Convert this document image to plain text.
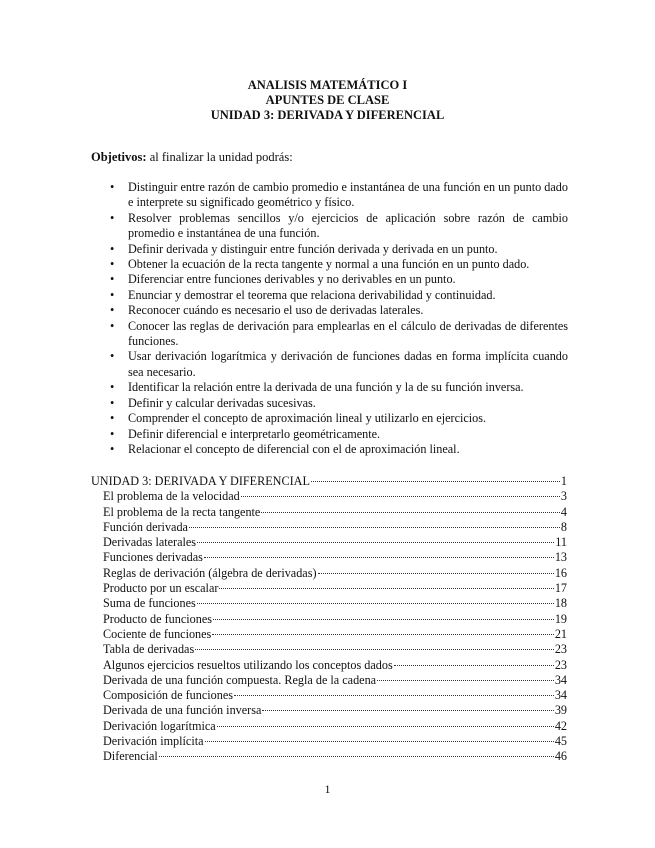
ANALISIS MATEMÁTICO I
APUNTES DE CLASE
UNIDAD 3: DERIVADA Y DIFERENCIAL
Objetivos: al finalizar la unidad podrás:
• Distinguir entre razón de cambio promedio e instantánea de una función en un punto dado e interprete su significado geométrico y físico.
• Resolver problemas sencillos y/o ejercicios de aplicación sobre razón de cambio promedio e instantánea de una función.
• Definir derivada y distinguir entre función derivada y derivada en un punto.
• Obtener la ecuación de la recta tangente y normal a una función en un punto dado.
• Diferenciar entre funciones derivables y no derivables en un punto.
• Enunciar y demostrar el teorema que relaciona derivabilidad y continuidad.
• Reconocer cuándo es necesario el uso de derivadas laterales.
• Conocer las reglas de derivación para emplearlas en el cálculo de derivadas de diferentes funciones.
• Usar derivación logarítmica y derivación de funciones dadas en forma implícita cuando sea necesario.
• Identificar la relación entre la derivada de una función y la de su función inversa.
• Definir y calcular derivadas sucesivas.
• Comprender el concepto de aproximación lineal y utilizarlo en ejercicios.
• Definir diferencial e interpretarlo geométricamente.
• Relacionar el concepto de diferencial con el de aproximación lineal.
UNIDAD 3: DERIVADA Y DIFERENCIAL	1
El problema de la velocidad	3
El problema de la recta tangente	4
Función derivada	8
Derivadas laterales	11
Funciones derivadas	13
Reglas de derivación (álgebra de derivadas)	16
Producto por un escalar	17
Suma de funciones	18
Producto de funciones	19
Cociente de funciones	21
Tabla de derivadas	23
Algunos ejercicios resueltos utilizando los conceptos dados	23
Derivada de una función compuesta. Regla de la cadena	34
Composición de funciones	34
Derivada de una función inversa	39
Derivación logarítmica	42
Derivación implícita	45
Diferencial	46
1
